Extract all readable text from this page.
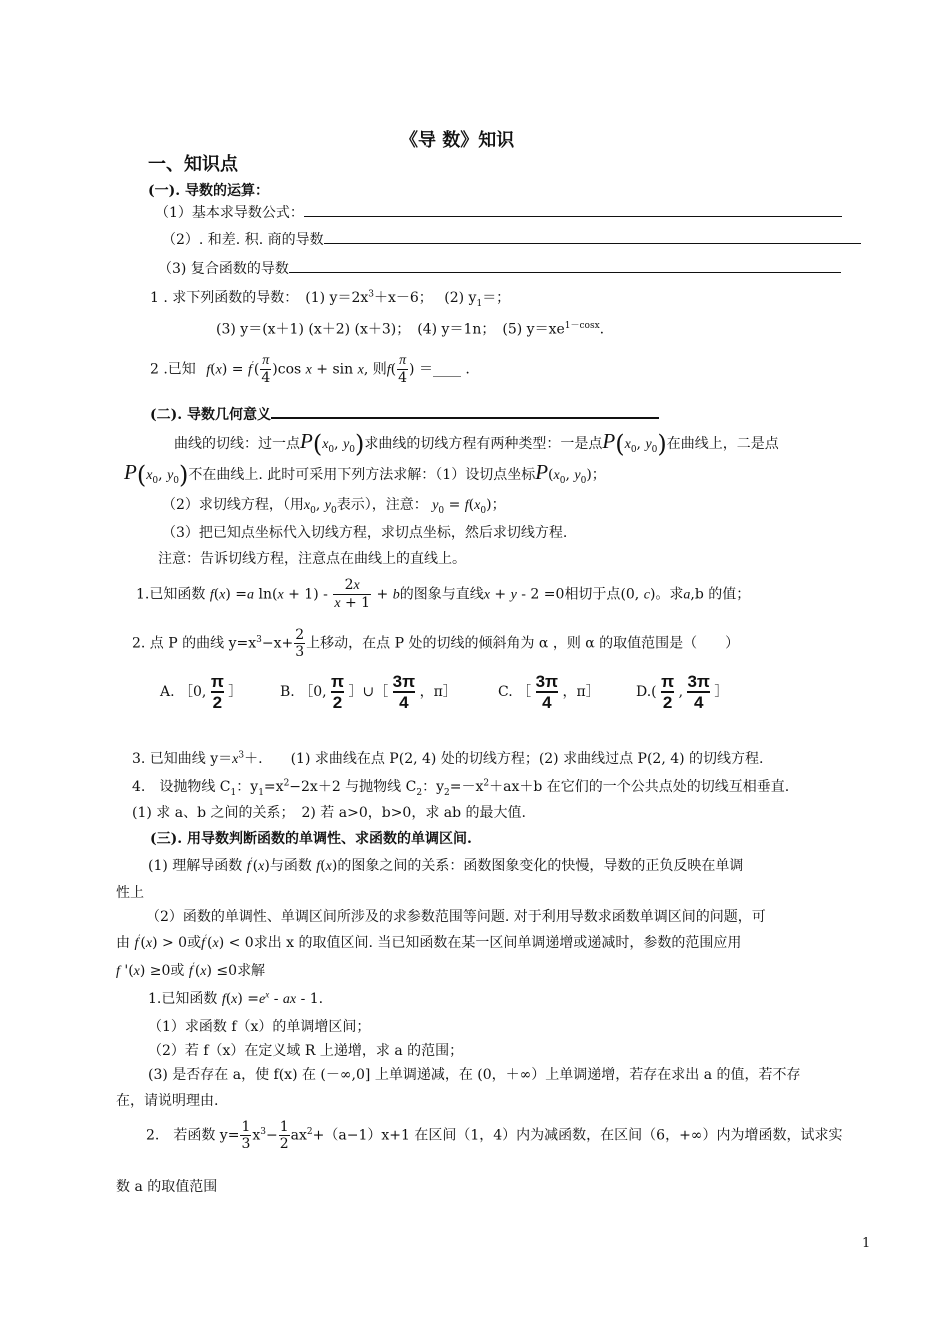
《导 数》知识
一、知识点
(一). 导数的运算：
（1）基本求导数公式：
（2）. 和差. 积. 商的导数
（3) 复合函数的导数
1 . 求下列函数的导数：　(1) $y=2x^3+x-6$；　 (2) $y_1=$；
(3) y＝(x＋1) (x＋2) (x＋3)；　(4) y＝1n；　(5) $y=xe^{1-cosx}$.
2 .已知 $f(x) = f'( \frac{\pi}{4} )\cos$ x + sin x, 则$f( \frac{\pi}{4}$ ) ＝____ .
(二). 导数几何意义
曲线的切线：过一点$P(x_0$, $y_0$)求曲线的切线方程有两种类型：一是点$P(x_0$, $y_0$)在曲线上，二是点
$P(x_0$, $y_0$)不在曲线上. 此时可采用下列方法求解：（1）设切点坐标$P(x_0$, $y_0$)；
（2）求切线方程，（用$x_0$, $y_0$表示），注意： $y_0 = f(x_0)$；
（3）把已知点坐标代入切线方程，求切点坐标，然后求切线方程.
注意：告诉切线方程，注意点在曲线上的直线上。
1.已知函数 f(x) =a $\ln(x + 1) - \frac{2x}{x + 1} + b$的图象与直线x + y - 2 =0相切于点(0, c)。求a,b 的值；
2. 点 P 的曲线 $y=x^3-x+ \frac{2}{3}$ 上移动，在点 P 处的切线的倾斜角为 α ，则 α 的取值范围是（　　）
A. ［0, $\frac{\pi}{2}$ ］	B. ［0, $\frac{\pi}{2}$ ］∪［ $\frac{3\pi}{4}$ ，π］	C. ［ $\frac{3\pi}{4}$ ，π］	$D.( \frac{\pi}{2}$ , $\frac{3\pi}{4}$ ］
3. 已知曲线 $y=x^3+$.　　(1) 求曲线在点 P(2, 4) 处的切线方程；(2) 求曲线过点 P(2, 4) 的切线方程.
4.　设抛物线 $C_1$：$y_1=x^2-2x+2$ 与抛物线 $C_2$：$y_2=-x^2+ax+b$ 在它们的一个公共点处的切线互相垂直.
(1) 求 a、b 之间的关系；　2) 若 a>0，b>0，求 ab 的最大值.
(三). 用导数判断函数的单调性、求函数的单调区间.
(1) 理解导函数 f′(x)与函数 f(x)的图象之间的关系：函数图象变化的快慢，导数的正负反映在单调
性上
（2）函数的单调性、单调区间所涉及的求参数范围等问题. 对于利用导数求函数单调区间的问题，可
由 f′(x) > 0或f′(x) < 0求出 x 的取值区间. 当已知函数在某一区间单调递增或递减时，参数的范围应用
f '(x) ≥0或 f′(x) ≤0求解
1.已知函数 $f(x) =e^x$ - ax - 1.
（1）求函数 f（x）的单调增区间；
（2）若 f（x）在定义域 R 上递增，求 a 的范围；
(3) 是否存在 a，使 f(x) 在 (－∞,0] 上单调递减，在 (0，＋∞）上单调递增，若存在求出 a 的值，若不存
在，请说明理由.
2.　若函数 $y= \frac{1}{3} x^3- \frac{1}{2} ax^2+(a-1)x+1$ 在区间（1，4）内为减函数，在区间（6，+∞）内为增函数，试求实
数 a 的取值范围
1
